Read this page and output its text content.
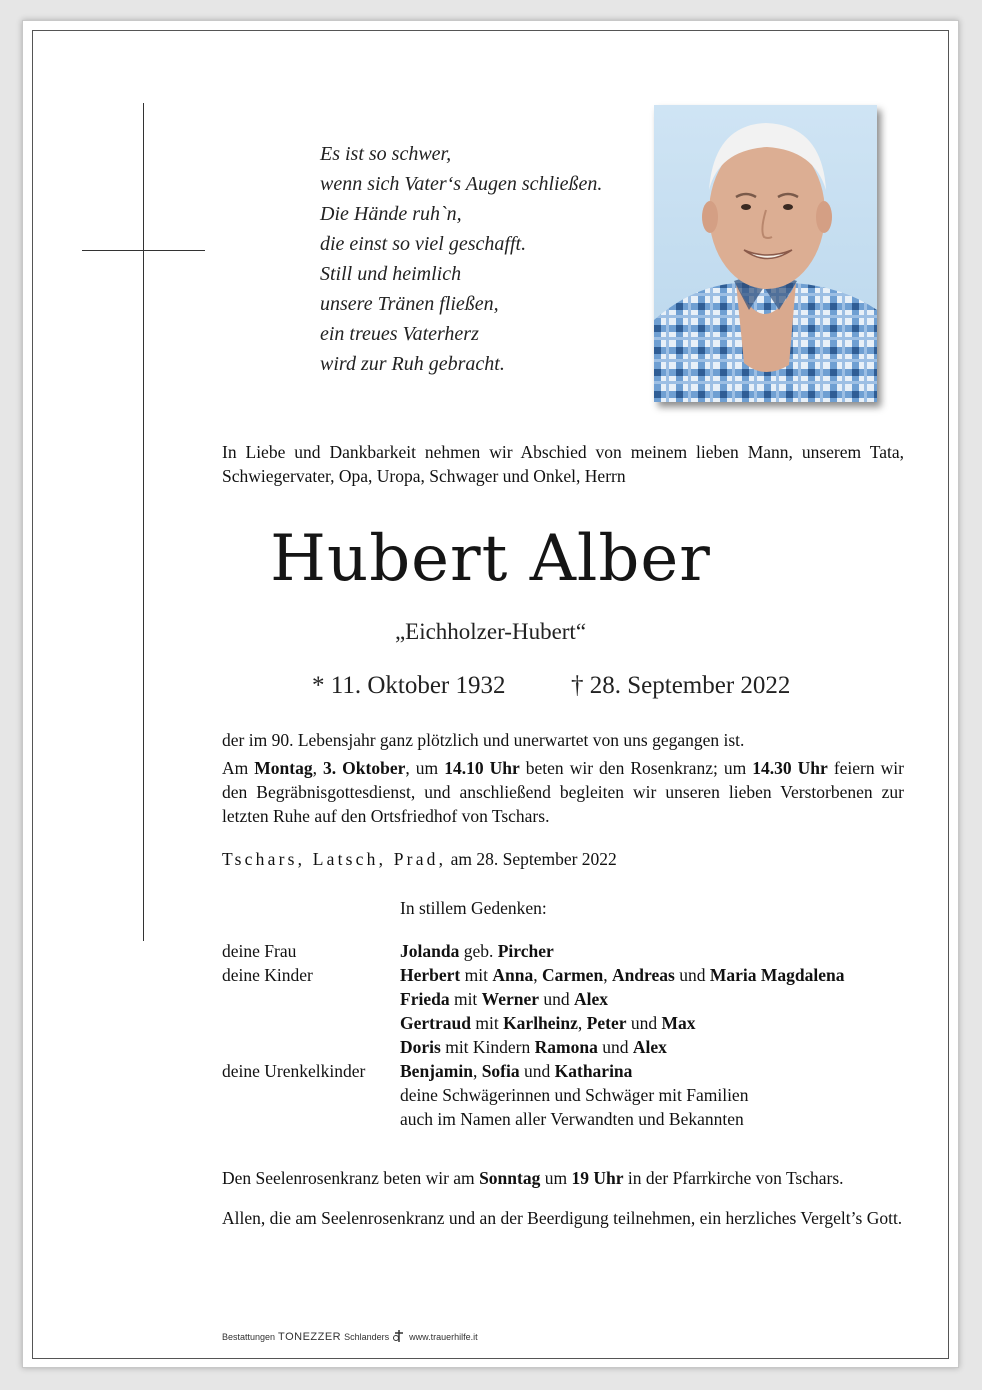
Es ist so schwer,
wenn sich Vater‘s Augen schließen.
Die Hände ruh`n,
die einst so viel geschafft.
Still und heimlich
unsere Tränen fließen,
ein treues Vaterherz
wird zur Ruh gebracht.
In Liebe und Dankbarkeit nehmen wir Abschied von meinem lieben Mann, unserem Tata, Schwiegervater, Opa, Uropa, Schwager und Onkel, Herrn
Hubert Alber
„Eichholzer-Hubert“
* 11. Oktober 1932	† 28. September 2022
der im 90. Lebensjahr ganz plötzlich und unerwartet von uns gegangen ist.
Am Montag, 3. Oktober, um 14.10 Uhr beten wir den Rosenkranz; um 14.30 Uhr feiern wir den Begräbnisgottesdienst, und anschließend begleiten wir unseren lieben Verstorbenen zur letzten Ruhe auf den Ortsfriedhof von Tschars.
Tschars, Latsch, Prad, am 28. September 2022
In stillem Gedenken:
deine Frau	Jolanda geb. Pircher
deine Kinder	Herbert mit Anna, Carmen, Andreas und Maria Magdalena
Frieda mit Werner und Alex
Gertraud mit Karlheinz, Peter und Max
Doris mit Kindern Ramona und Alex
deine Urenkelkinder	Benjamin, Sofia und Katharina
deine Schwägerinnen und Schwäger mit Familien
auch im Namen aller Verwandten und Bekannten
Den Seelenrosenkranz beten wir am Sonntag um 19 Uhr in der Pfarrkirche von Tschars.
Allen, die am Seelenrosenkranz und an der Beerdigung teilnehmen, ein herzliches Vergelt’s Gott.
Bestattungen TONEZZER Schlanders www.trauerhilfe.it
